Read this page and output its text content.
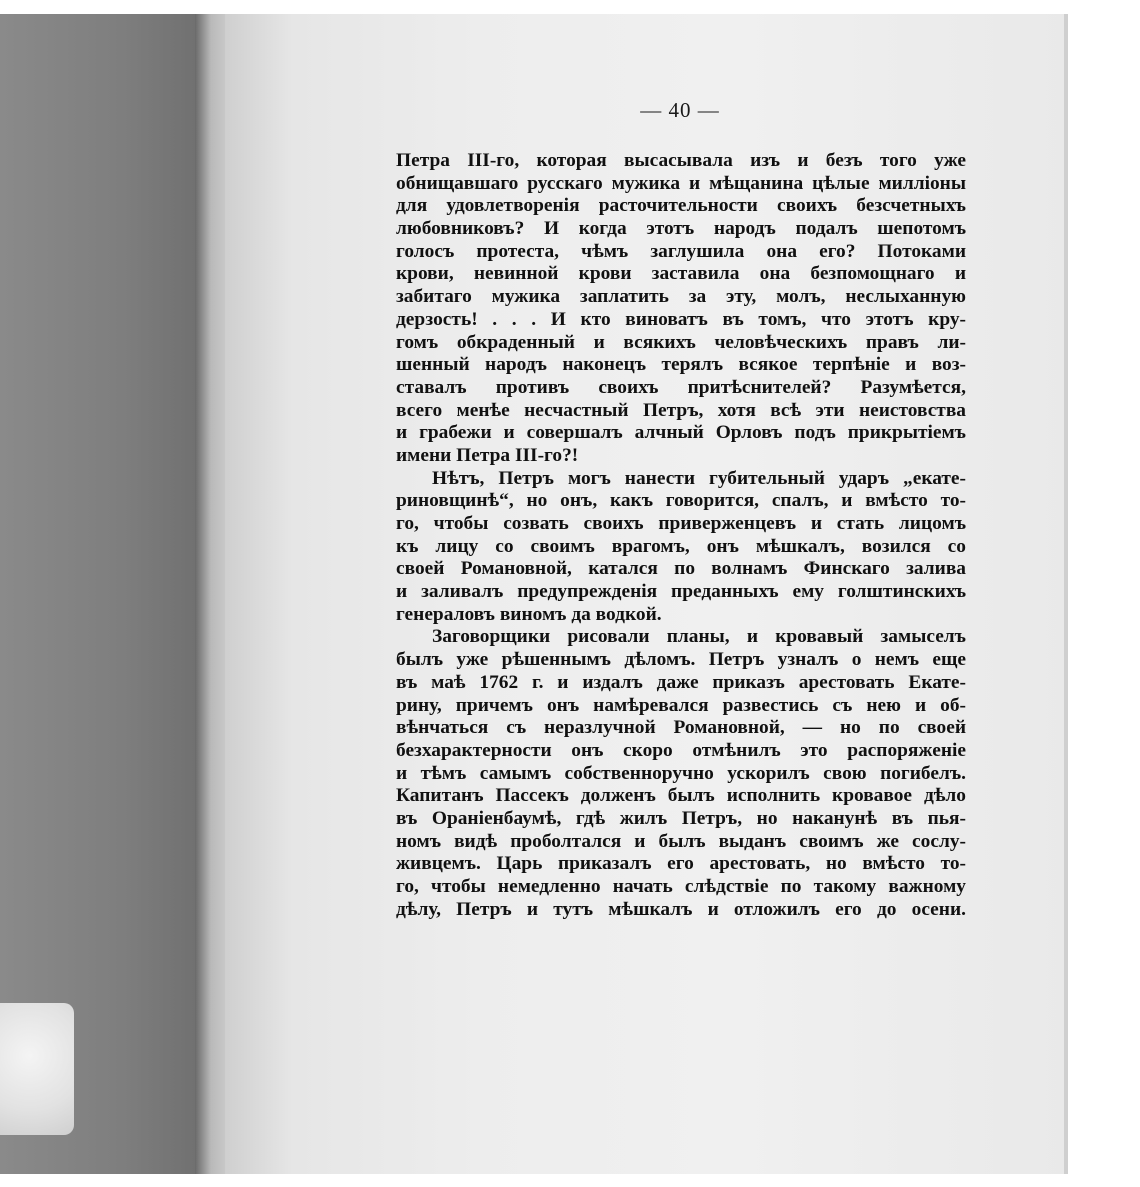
— 40 —
Петра III-го, которая высасывала изъ и безъ того уже
обнищавшаго русскаго мужика и мѣщанина цѣлые милліоны
для удовлетворенія расточительности своихъ безсчетныхъ
любовниковъ? И когда этотъ народъ подалъ шепотомъ
голосъ протеста, чѣмъ заглушила она его? Потоками
крови, невинной крови заставила она безпомощнаго и
забитаго мужика заплатить за эту, молъ, неслыханную
дерзость! . . . И кто виноватъ въ томъ, что этотъ кру-
гомъ обкраденный и всякихъ человѣческихъ правъ ли-
шенный народъ наконецъ терялъ всякое терпѣніе и воз-
ставалъ противъ своихъ притѣснителей? Разумѣется,
всего менѣе несчастный Петръ, хотя всѣ эти неистовства
и грабежи и совершалъ алчный Орловъ подъ прикрытіемъ
имени Петра III-го?!
Нѣтъ, Петръ могъ нанести губительный ударъ „екате-
риновщинѣ“, но онъ, какъ говорится, спалъ, и вмѣсто то-
го, чтобы созвать своихъ приверженцевъ и стать лицомъ
къ лицу со своимъ врагомъ, онъ мѣшкалъ, возился со
своей Романовной, катался по волнамъ Финскаго залива
и заливалъ предупрежденія преданныхъ ему голштинскихъ
генераловъ виномъ да водкой.
Заговорщики рисовали планы, и кровавый замыселъ
былъ уже рѣшеннымъ дѣломъ. Петръ узналъ о немъ еще
въ маѣ 1762 г. и издалъ даже приказъ арестовать Екате-
рину, причемъ онъ намѣревался развестись съ нею и об-
вѣнчаться съ неразлучной Романовной, — но по своей
безхарактерности онъ скоро отмѣнилъ это распоряженіе
и тѣмъ самымъ собственноручно ускорилъ свою погибелъ.
Капитанъ Пассекъ долженъ былъ исполнить кровавое дѣло
въ Ораніенбаумѣ, гдѣ жилъ Петръ, но наканунѣ въ пья-
номъ видѣ проболтался и былъ выданъ своимъ же сослу-
живцемъ. Царь приказалъ его арестовать, но вмѣсто то-
го, чтобы немедленно начать слѣдствіе по такому важному
дѣлу, Петръ и тутъ мѣшкалъ и отложилъ его до осени.
